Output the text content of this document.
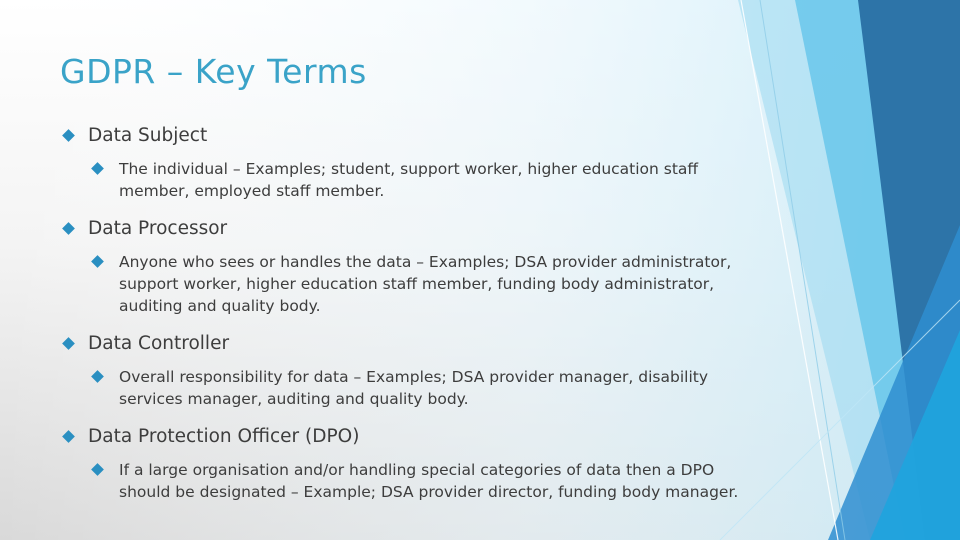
GDPR – Key Terms
Data Subject
The individual – Examples; student, support worker, higher education staff member, employed staff member.
Data Processor
Anyone who sees or handles the data – Examples; DSA provider administrator, support worker, higher education staff member, funding body administrator, auditing and quality body.
Data Controller
Overall responsibility for data – Examples; DSA provider manager, disability services manager, auditing and quality body.
Data Protection Officer (DPO)
If a large organisation and/or handling special categories of data then a DPO should be designated – Example; DSA provider director, funding body manager.
